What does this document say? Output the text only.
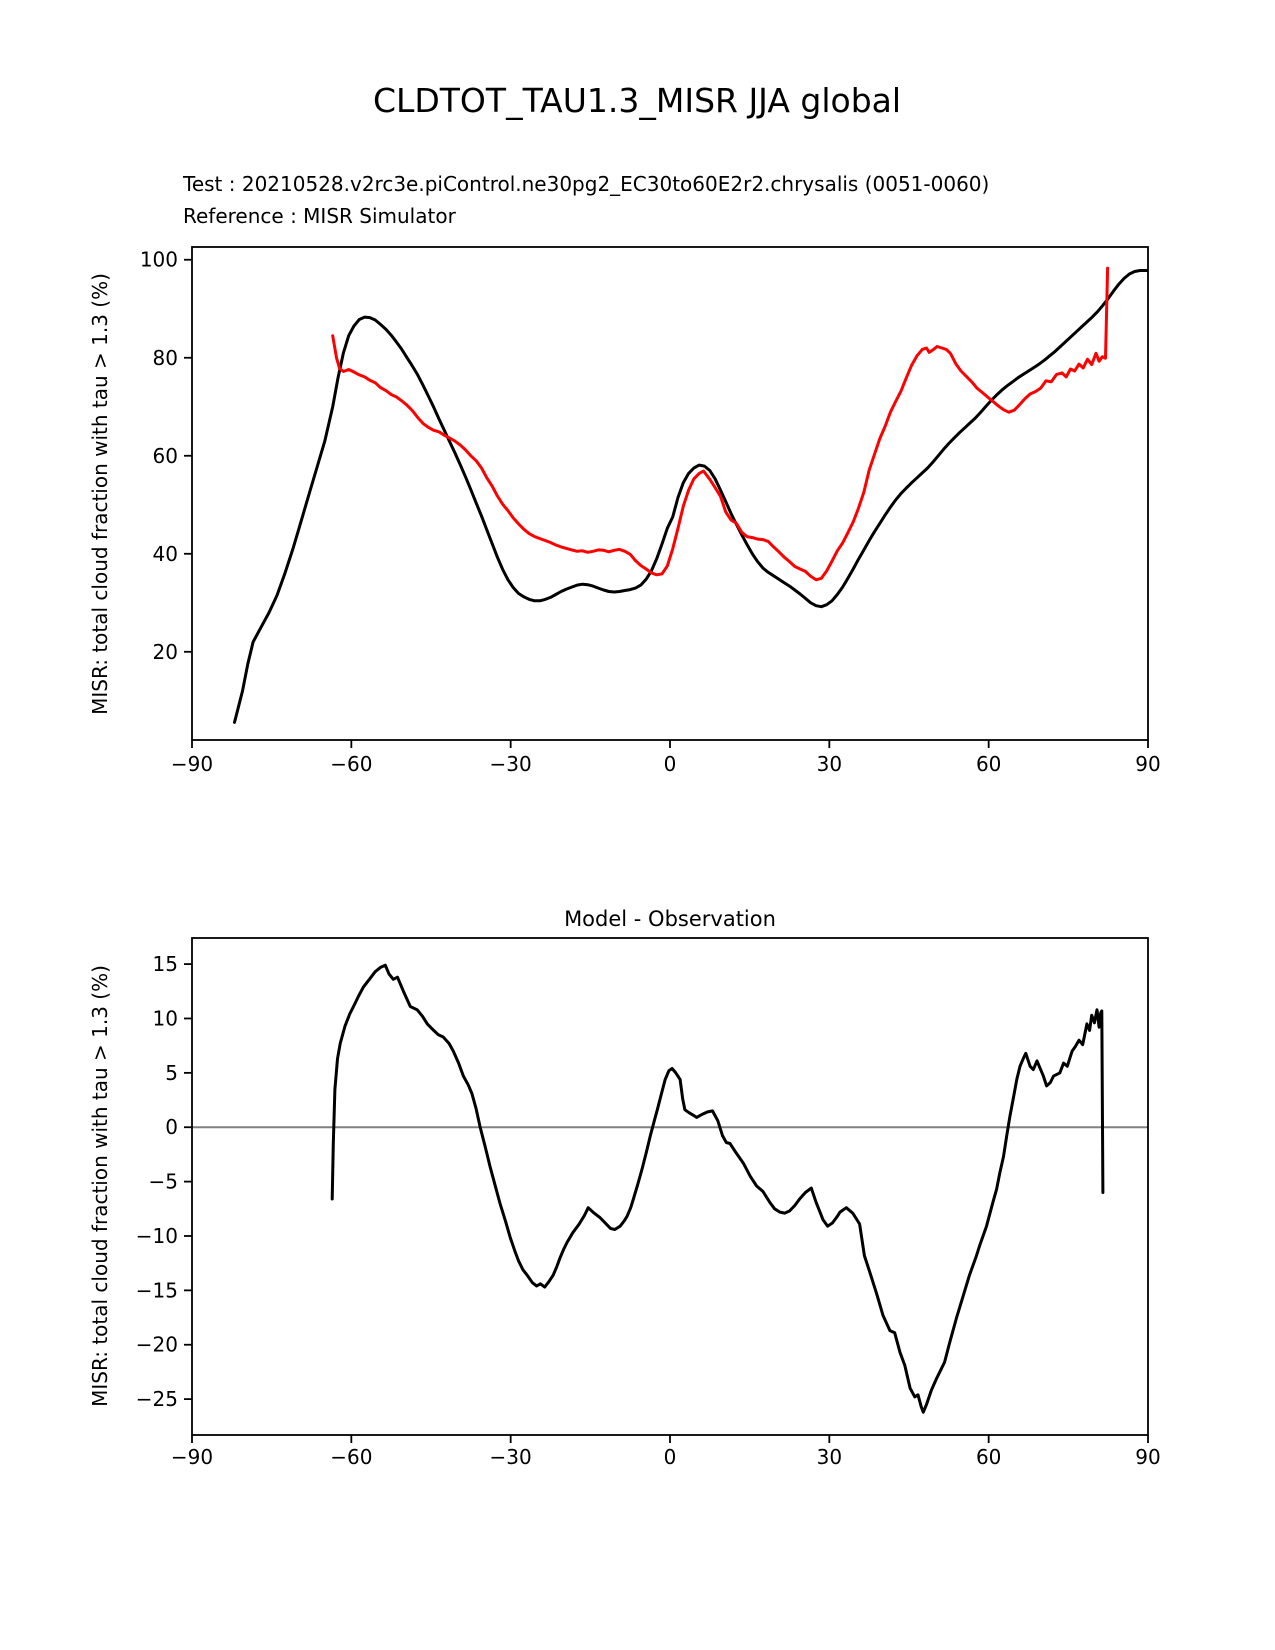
CLDTOT_TAU1.3_MISR JJA global
Test : 20210528.v2rc3e.piControl.ne30pg2_EC30to60E2r2.chrysalis (0051-0060)
Reference : MISR Simulator
MISR: total cloud fraction with tau > 1.3 (%)
Model - Observation
MISR: total cloud fraction with tau > 1.3 (%)
−90	−60	−30	0	30	60	90
20
40
60
80
100
−90	−60	−30	0	30	60	90
15
10
5
0
−5
−10
−15
−20
−25
